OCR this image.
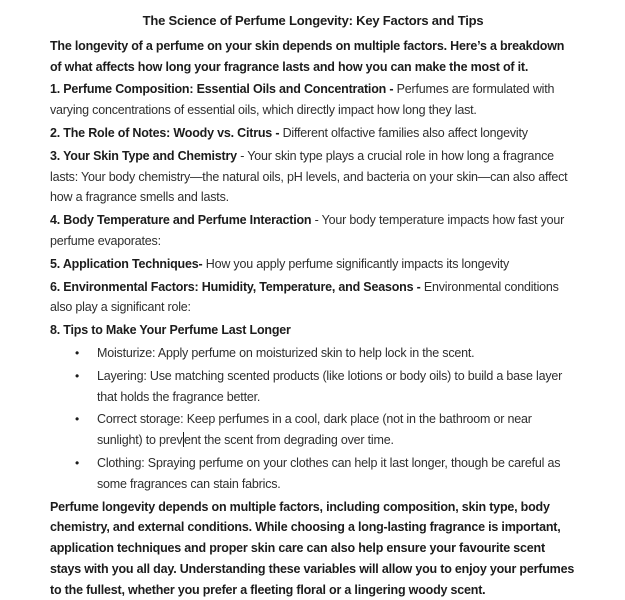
The Science of Perfume Longevity: Key Factors and Tips

The longevity of a perfume on your skin depends on multiple factors. Here’s a breakdown of what affects how long your fragrance lasts and how you can make the most of it.

1. Perfume Composition: Essential Oils and Concentration - Perfumes are formulated with varying concentrations of essential oils, which directly impact how long they last.

2. The Role of Notes: Woody vs. Citrus - Different olfactive families also affect longevity

3. Your Skin Type and Chemistry - Your skin type plays a crucial role in how long a fragrance lasts: Your body chemistry—the natural oils, pH levels, and bacteria on your skin—can also affect how a fragrance smells and lasts.

4. Body Temperature and Perfume Interaction - Your body temperature impacts how fast your perfume evaporates:

5. Application Techniques- How you apply perfume significantly impacts its longevity

6. Environmental Factors: Humidity, Temperature, and Seasons - Environmental conditions also play a significant role:

8. Tips to Make Your Perfume Last Longer

•	Moisturize: Apply perfume on moisturized skin to help lock in the scent.
•	Layering: Use matching scented products (like lotions or body oils) to build a base layer that holds the fragrance better.
•	Correct storage: Keep perfumes in a cool, dark place (not in the bathroom or near sunlight) to prev ent the scent from degrading over time.
•	Clothing: Spraying perfume on your clothes can help it last longer, though be careful as some fragrances can stain fabrics.

Perfume longevity depends on multiple factors, including composition, skin type, body chemistry, and external conditions. While choosing a long-lasting fragrance is important, application techniques and proper skin care can also help ensure your favourite scent stays with you all day. Understanding these variables will allow you to enjoy your perfumes to the fullest, whether you prefer a fleeting floral or a lingering woody scent.
